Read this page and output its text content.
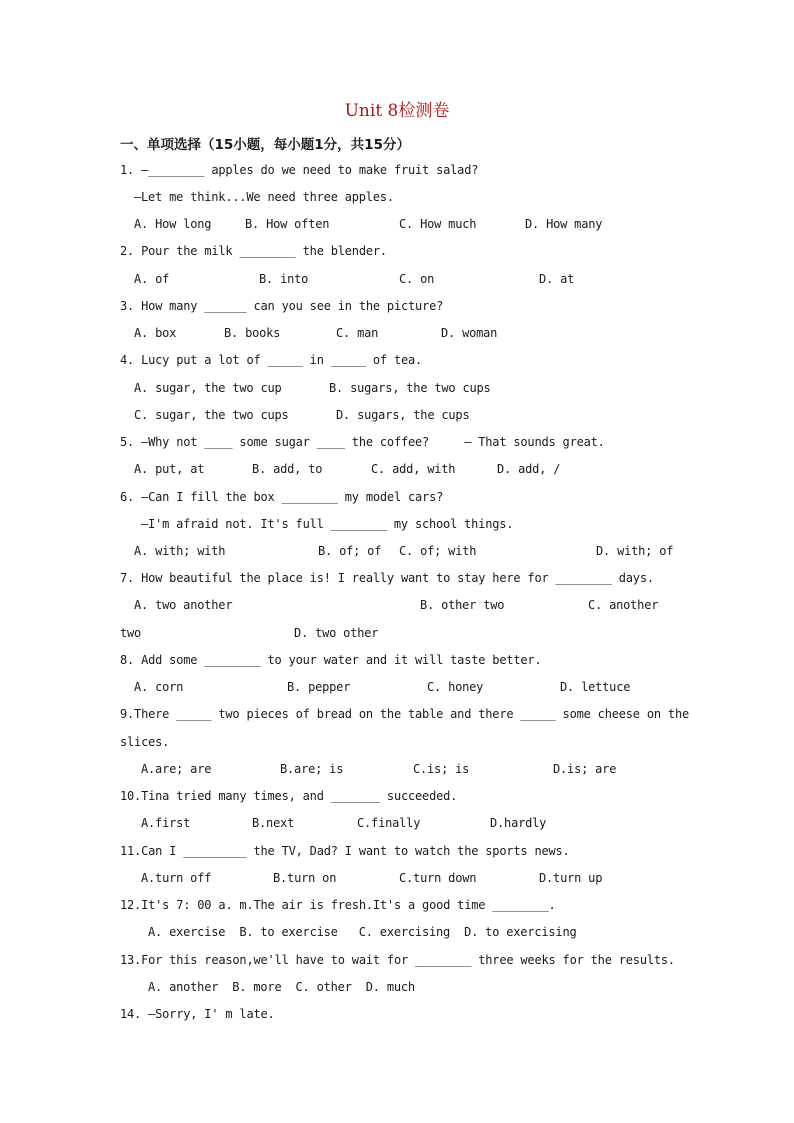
Unit 8检测卷
一、单项选择（15小题，每小题1分，共15分）
1. —________ apples do we need to make fruit salad?
—Let me think...We need three apples.
A. How long	B. How often	C. How much	D. How many
2. Pour the milk ________ the blender.
A. of	B. into	C. on	D. at
3. How many ______ can you see in the picture?
A. box	B. books	C. man	D. woman
4. Lucy put a lot of _____ in _____ of tea.
A. sugar, the two cup	B. sugars, the two cups
C. sugar, the two cups	D. sugars, the cups
5. –Why not ____ some sugar ____ the coffee?     – That sounds great.
A. put, at	B. add, to	C. add, with	D. add, /
6. —Can I fill the box ________ my model cars?
—I'm afraid not. It's full ________ my school things.
A. with; with	B. of; of C. of; with	D. with; of
7. How beautiful the place is! I really want to stay here for ________ days.
A. two another	B. other two	C. another
two	D. two other
8. Add some ________ to your water and it will taste better.
A. corn	B. pepper	C. honey	D. lettuce
9.There _____ two pieces of bread on the table and there _____ some cheese on the
slices.
A.are; are	B.are; is	C.is; is	D.is; are
10.Tina tried many times, and _______ succeeded.
A.first	B.next	C.finally	D.hardly
11.Can I _________ the TV, Dad? I want to watch the sports news.
A.turn off	B.turn on	C.turn down	D.turn up
12.It's 7: 00 a. m.The air is fresh.It's a good time ________.
A. exercise  B. to exercise   C. exercising  D. to exercising
13.For this reason,we'll have to wait for ________ three weeks for the results.
A. another  B. more  C. other  D. much
14. —Sorry, I' m late.
